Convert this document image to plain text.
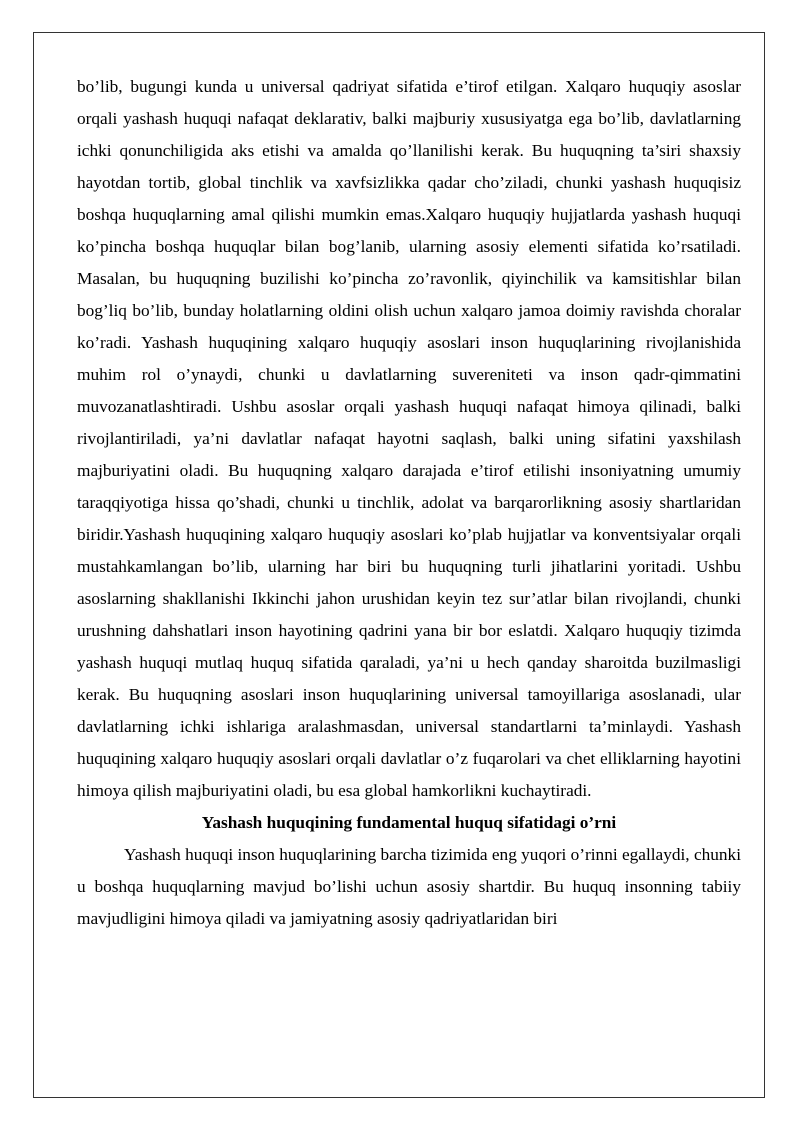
bo’lib, bugungi kunda u universal qadriyat sifatida e’tirof etilgan. Xalqaro huquqiy asoslar orqali yashash huquqi nafaqat deklarativ, balki majburiy xususiyatga ega bo’lib, davlatlarning ichki qonunchiligida aks etishi va amalda qo’llanilishi kerak. Bu huquqning ta’siri shaxsiy hayotdan tortib, global tinchlik va xavfsizlikka qadar cho’ziladi, chunki yashash huquqisiz boshqa huquqlarning amal qilishi mumkin emas.Xalqaro huquqiy hujjatlarda yashash huquqi ko’pincha boshqa huquqlar bilan bog’lanib, ularning asosiy elementi sifatida ko’rsatiladi. Masalan, bu huquqning buzilishi ko’pincha zo’ravonlik, qiyinchilik va kamsitishlar bilan bog’liq bo’lib, bunday holatlarning oldini olish uchun xalqaro jamoa doimiy ravishda choralar ko’radi. Yashash huquqining xalqaro huquqiy asoslari inson huquqlarining rivojlanishida muhim rol o’ynaydi, chunki u davlatlarning suvereniteti va inson qadr-qimmatini muvozanatlashtiradi. Ushbu asoslar orqali yashash huquqi nafaqat himoya qilinadi, balki rivojlantiriladi, ya’ni davlatlar nafaqat hayotni saqlash, balki uning sifatini yaxshilash majburiyatini oladi. Bu huquqning xalqaro darajada e’tirof etilishi insoniyatning umumiy taraqqiyotiga hissa qo’shadi, chunki u tinchlik, adolat va barqarorlikning asosiy shartlaridan biridir.Yashash huquqining xalqaro huquqiy asoslari ko’plab hujjatlar va konventsiyalar orqali mustahkamlangan bo’lib, ularning har biri bu huquqning turli jihatlarini yoritadi. Ushbu asoslarning shakllanishi Ikkinchi jahon urushidan keyin tez sur’atlar bilan rivojlandi, chunki urushning dahshatlari inson hayotining qadrini yana bir bor eslatdi. Xalqaro huquqiy tizimda yashash huquqi mutlaq huquq sifatida qaraladi, ya’ni u hech qanday sharoitda buzilmasligi kerak. Bu huquqning asoslari inson huquqlarining universal tamoyillariga asoslanadi, ular davlatlarning ichki ishlariga aralashmasdan, universal standartlarni ta’minlaydi. Yashash huquqining xalqaro huquqiy asoslari orqali davlatlar o’z fuqarolari va chet elliklarning hayotini himoya qilish majburiyatini oladi, bu esa global hamkorlikni kuchaytiradi.

Yashash huquqining fundamental huquq sifatidagi o’rni

Yashash huquqi inson huquqlarining barcha tizimida eng yuqori o’rinni egallaydi, chunki u boshqa huquqlarning mavjud bo’lishi uchun asosiy shartdir. Bu huquq insonning tabiiy mavjudligini himoya qiladi va jamiyatning asosiy qadriyatlaridan biri
